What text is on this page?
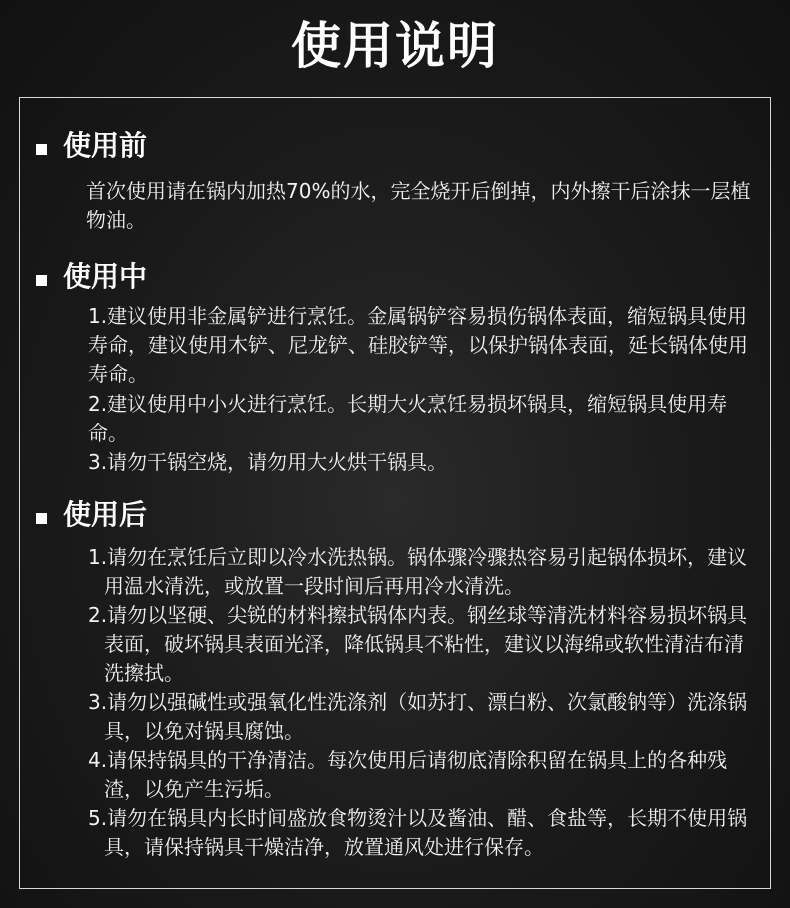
使用说明
使用前
首次使用请在锅内加热70%的水，完全烧开后倒掉，内外擦干后涂抹一层植物油。
使用中
1.建议使用非金属铲进行烹饪。金属锅铲容易损伤锅体表面，缩短锅具使用寿命，建议使用木铲、尼龙铲、硅胶铲等，以保护锅体表面，延长锅体使用寿命。
2.建议使用中小火进行烹饪。长期大火烹饪易损坏锅具，缩短锅具使用寿命。
3.请勿干锅空烧，请勿用大火烘干锅具。
使用后
1.请勿在烹饪后立即以冷水洗热锅。锅体骤冷骤热容易引起锅体损坏，建议用温水清洗，或放置一段时间后再用冷水清洗。
2.请勿以坚硬、尖锐的材料擦拭锅体内表。钢丝球等清洗材料容易损坏锅具表面，破坏锅具表面光泽，降低锅具不粘性，建议以海绵或软性清洁布清洗擦拭。
3.请勿以强碱性或强氧化性洗涤剂（如苏打、漂白粉、次氯酸钠等）洗涤锅具，以免对锅具腐蚀。
4.请保持锅具的干净清洁。每次使用后请彻底清除积留在锅具上的各种残渣，以免产生污垢。
5.请勿在锅具内长时间盛放食物烫汁以及酱油、醋、食盐等，长期不使用锅具，请保持锅具干燥洁净，放置通风处进行保存。
